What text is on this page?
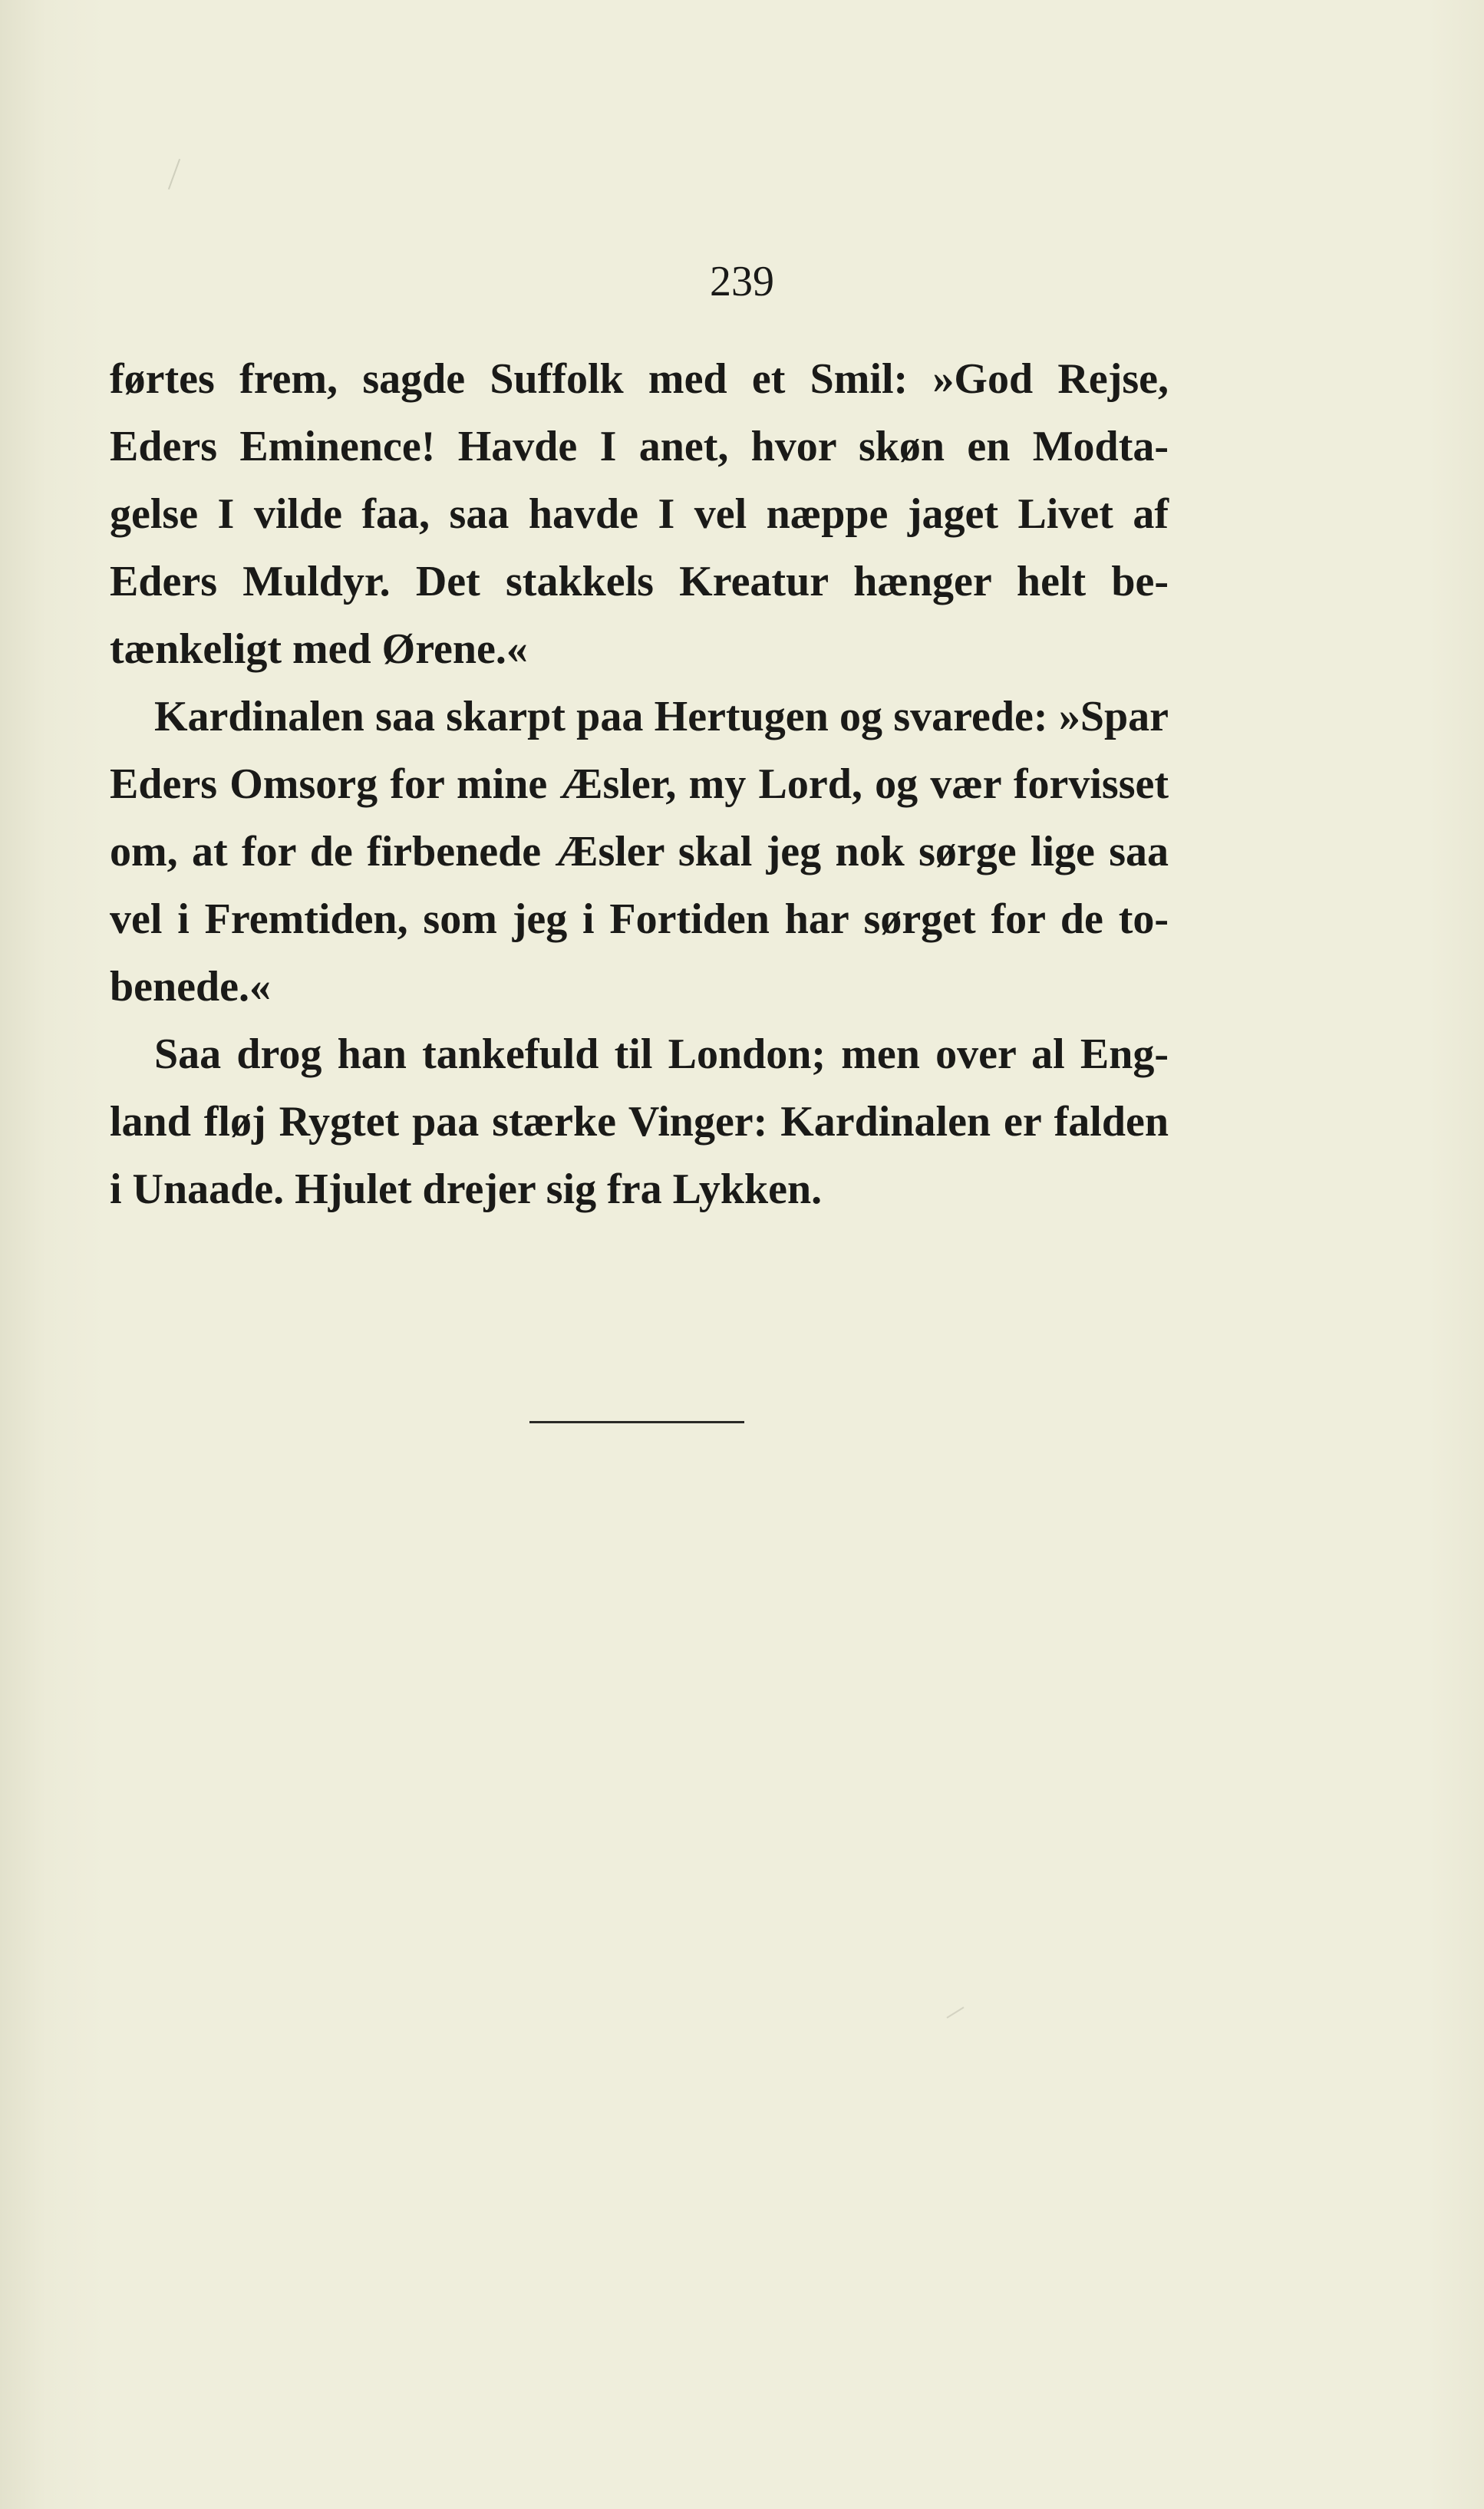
239
førtes frem, sagde Suffolk med et Smil: »God Rejse,
Eders Eminence! Havde I anet, hvor skøn en Modta-
gelse I vilde faa, saa havde I vel næppe jaget Livet af
Eders Muldyr. Det stakkels Kreatur hænger helt be-
tænkeligt med Ørene.«
Kardinalen saa skarpt paa Hertugen og svarede: »Spar
Eders Omsorg for mine Æsler, my Lord, og vær forvisset
om, at for de firbenede Æsler skal jeg nok sørge lige saa
vel i Fremtiden, som jeg i Fortiden har sørget for de to-
benede.«
Saa drog han tankefuld til London; men over al Eng-
land fløj Rygtet paa stærke Vinger: Kardinalen er falden
i Unaade. Hjulet drejer sig fra Lykken.
